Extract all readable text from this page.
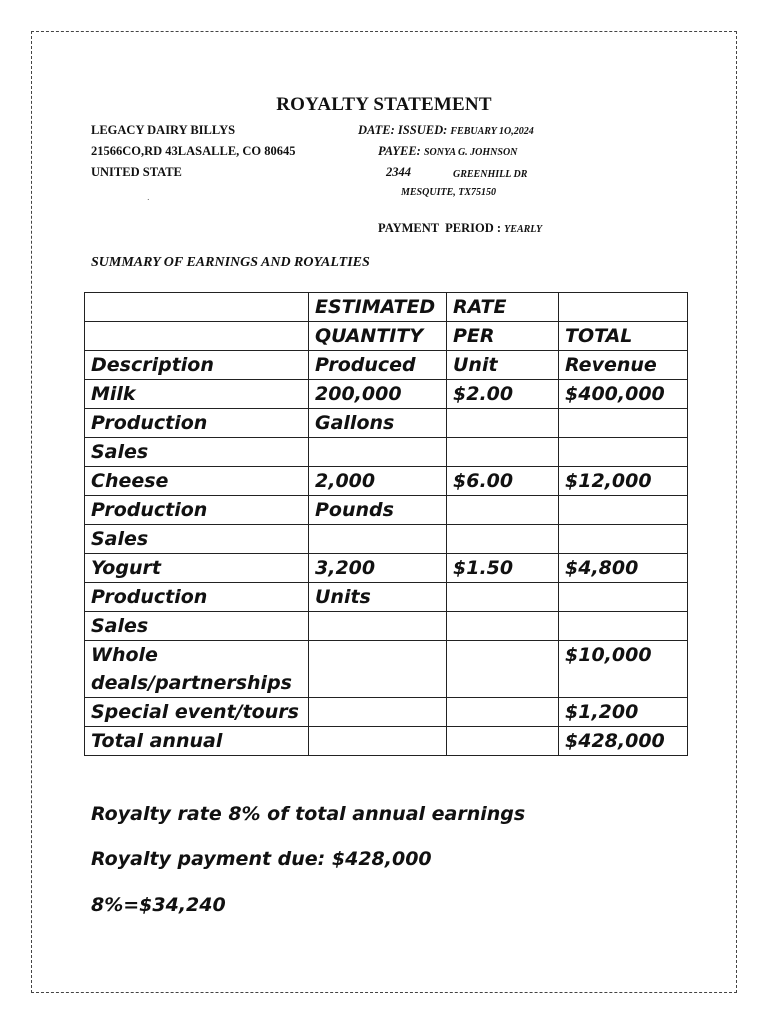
ROYALTY STATEMENT
LEGACY DAIRY BILLYS
21566CO,RD 43LASALLE, CO 80645
UNITED STATE
.
DATE: ISSUED: FEBUARY 1O,2024
PAYEE: SONYA G. JOHNSON
2344	GREENHILL DR
MESQUITE, TX75150
PAYMENT  PERIOD : YEARLY
SUMMARY OF EARNINGS AND ROYALTIES
	ESTIMATED	RATE	
	QUANTITY	PER	TOTAL
Description	Produced	Unit	Revenue
Milk	200,000	$2.00	$400,000
Production	Gallons		
Sales			
Cheese	2,000	$6.00	$12,000
Production	Pounds		
Sales			
Yogurt	3,200	$1.50	$4,800
Production	Units		
Sales			

Whole
deals/partnerships			$10,000
Special event/tours			$1,200
Total annual			$428,000
Royalty rate 8% of total annual earnings
Royalty payment due: $428,000
8%=$34,240
